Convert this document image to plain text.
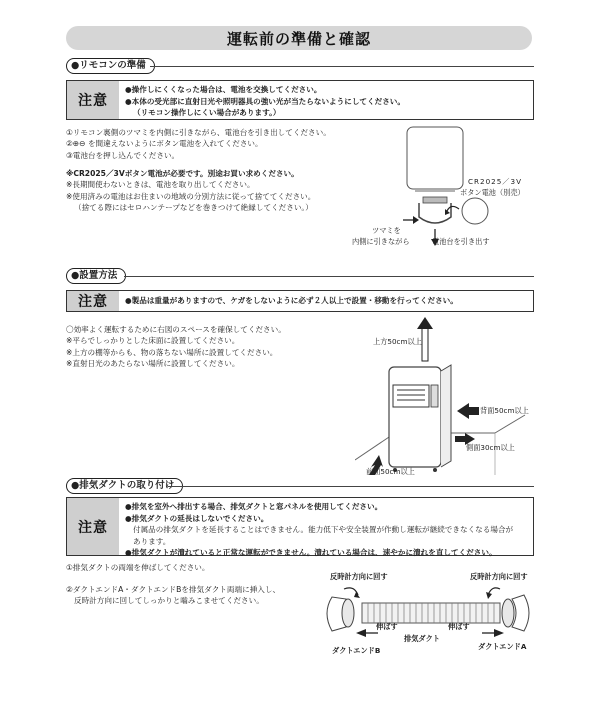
運転前の準備と確認
●リモコンの準備
注意
●操作しにくくなった場合は、電池を交換してください。
●本体の受光部に直射日光や照明器具の強い光が当たらないようにしてください。
（リモコン操作しにくい場合があります。）
①リモコン裏側のツマミを内側に引きながら、電池台を引き出してください。
②⊕⊖ を間違えないようにボタン電池を入れてください。
③電池台を押し込んでください。
※CR2025／3Vボタン電池が必要です。別途お買い求めください。
※長期間使わないときは、電池を取り出してください。
※使用済みの電池はお住まいの地域の分別方法に従って捨ててください。
（捨てる際にはセロハンテープなどを巻きつけて絶縁してください。）
CR2025／3V
ボタン電池（別売）
ツマミを
内側に引きながら	電池台を引き出す
●設置方法
注意	●製品は重量がありますので、ケガをしないように必ず２人以上で設置・移動を行ってください。
〇効率よく運転するために右図のスペースを確保してください。
※平らでしっかりとした床面に設置してください。
※上方の棚等からも、物の落ちない場所に設置してください。
※直射日光のあたらない場所に設置してください。
上方50cm以上
背面50cm以上
側面30cm以上
前面50cm以上
●排気ダクトの取り付け
注意
●排気を室外へ排出する場合、排気ダクトと窓パネルを使用してください。
●排気ダクトの延長はしないでください。
付属品の排気ダクトを延長することはできません。能力低下や安全装置が作動し運転が継続できなくなる場合が
あります。
●排気ダクトが潰れていると正常な運転ができません。潰れている場合は、速やかに潰れを直してください。
①排気ダクトの両端を伸ばしてください。
②ダクトエンドA・ダクトエンドBを排気ダクト両端に挿入し、
反時計方向に回してしっかりと嚙みこませてください。
反時計方向に回す	反時計方向に回す
伸ばす	伸ばす
排気ダクト
ダクトエンドB	ダクトエンドA
